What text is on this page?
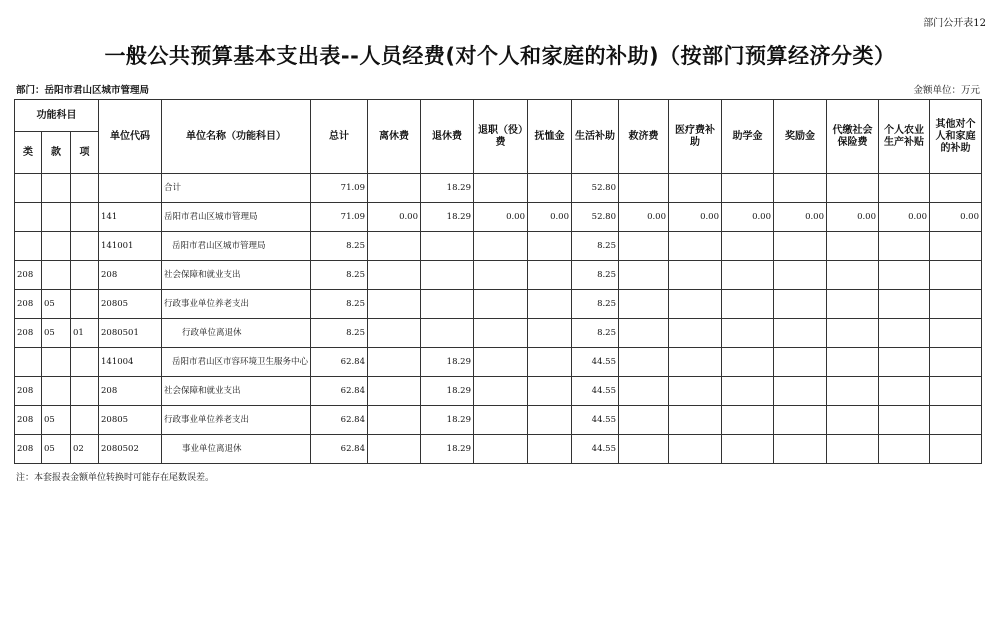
部门公开表12
一般公共预算基本支出表--人员经费(对个人和家庭的补助)（按部门预算经济分类）
部门：岳阳市君山区城市管理局	金额单位：万元
功能科目			单位代码	单位名称（功能科目）	总计	离休费	退休费	退职（役）费	抚恤金	生活补助	救济费	医疗费补助	助学金	奖励金	代缴社会保险费	个人农业生产补贴	其他对个人和家庭的补助
类	款	项															
				合计	71.09		18.29			52.80							
			141	岳阳市君山区城市管理局	71.09	0.00	18.29	0.00	0.00	52.80	0.00	0.00	0.00	0.00	0.00	0.00	0.00
			141001	岳阳市君山区城市管理局	8.25					8.25							
208			208	社会保障和就业支出	8.25					8.25							
208	05		20805	行政事业单位养老支出	8.25					8.25							
208	05	01	2080501	行政单位离退休	8.25					8.25							
			141004	岳阳市君山区市容环境卫生服务中心	62.84		18.29			44.55							
208			208	社会保障和就业支出	62.84		18.29			44.55							
208	05		20805	行政事业单位养老支出	62.84		18.29			44.55							
208	05	02	2080502	事业单位离退休	62.84		18.29			44.55							
注：本套报表金额单位转换时可能存在尾数误差。
